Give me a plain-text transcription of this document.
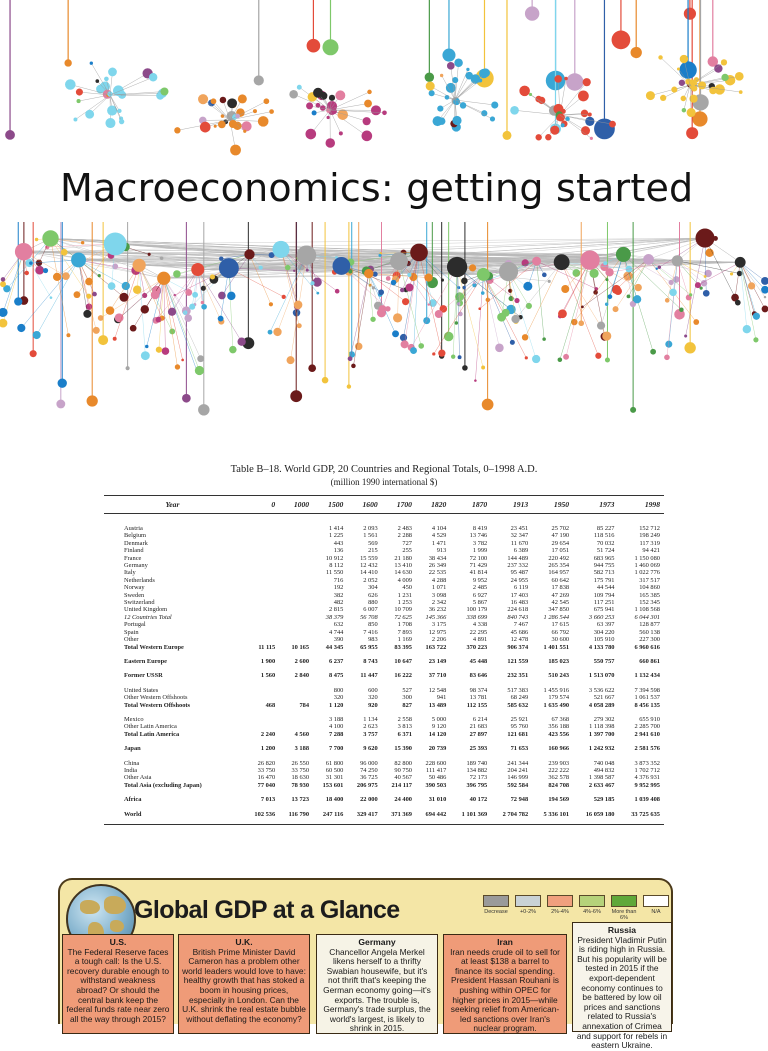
Macroeconomics: getting started
Table B–18. World GDP, 20 Countries and Regional Totals, 0–1998 A.D.
(million 1990 international $)
Year	0	1000	1500	1600	1700	1820	1870	1913	1950	1973	1998
Austria			1 414	2 093	2 483	4 104	8 419	23 451	25 702	85 227	152 712
Belgium			1 225	1 561	2 288	4 529	13 746	32 347	47 190	118 516	198 249
Denmark			443	569	727	1 471	3 782	11 670	29 654	70 032	117 319
Finland			136	215	255	913	1 999	6 389	17 051	51 724	94 421
France			10 912	15 559	21 180	38 434	72 100	144 489	220 492	683 965	1 150 080
Germany			8 112	12 432	13 410	26 349	71 429	237 332	265 354	944 755	1 460 069
Italy			11 550	14 410	14 630	22 535	41 814	95 487	164 957	582 713	1 022 776
Netherlands			716	2 052	4 009	4 288	9 952	24 955	60 642	175 791	317 517
Norway			192	304	450	1 071	2 485	6 119	17 838	44 544	104 860
Sweden			382	626	1 231	3 098	6 927	17 403	47 269	109 794	165 385
Switzerland			482	880	1 253	2 342	5 867	16 483	42 545	117 251	152 345
United Kingdom			2 815	6 007	10 709	36 232	100 179	224 618	347 850	675 941	1 108 568
12 Countries Total			38 379	56 708	72 625	145 366	338 699	840 743	1 286 544	3 660 253	6 044 301
Portugal			632	850	1 708	3 175	4 338	7 467	17 615	63 397	128 877
Spain			4 744	7 416	7 893	12 975	22 295	45 686	66 792	304 220	560 138
Other			390	983	1 169	2 206	4 891	12 478	30 600	105 910	227 300
Total Western Europe	11 115	10 165	44 345	65 955	83 395	163 722	370 223	906 374	1 401 551	4 133 780	6 960 616
Eastern Europe	1 900	2 600	6 237	8 743	10 647	23 149	45 448	121 559	185 023	550 757	660 861
Former USSR	1 560	2 840	8 475	11 447	16 222	37 710	83 646	232 351	510 243	1 513 070	1 132 434
United States			800	600	527	12 548	98 374	517 383	1 455 916	3 536 622	7 394 598
Other Western Offshoots			320	320	300	941	13 781	68 249	179 574	521 667	1 061 537
Total Western Offshoots	468	784	1 120	920	827	13 489	112 155	585 632	1 635 490	4 058 289	8 456 135
Mexico			3 188	1 134	2 558	5 000	6 214	25 921	67 368	279 302	655 910
Other Latin America			4 100	2 623	3 813	9 120	21 683	95 760	356 188	1 118 398	2 285 700
Total Latin America	2 240	4 560	7 288	3 757	6 371	14 120	27 897	121 681	423 556	1 397 700	2 941 610
Japan	1 200	3 188	7 700	9 620	15 390	20 739	25 393	71 653	160 966	1 242 932	2 581 576
China	26 820	26 550	61 800	96 000	82 800	228 600	189 740	241 344	239 903	740 048	3 873 352
India	33 750	33 750	60 500	74 250	90 750	111 417	134 882	204 241	222 222	494 832	1 702 712
Other Asia	16 470	18 630	31 301	36 725	40 567	50 486	72 173	146 999	362 578	1 398 587	4 376 931
Total Asia (excluding Japan)	77 040	78 930	153 601	206 975	214 117	390 503	396 795	592 584	824 708	2 633 467	9 952 995
Africa	7 013	13 723	18 400	22 000	24 400	31 010	40 172	72 948	194 569	529 185	1 039 408
World	102 536	116 790	247 116	329 417	371 369	694 442	1 101 369	2 704 782	5 336 101	16 059 180	33 725 635
Global GDP at a Glance	Decrease	+0-2%	2%-4%	4%-6%	More than 6%
N/A
U.S.
The Federal Reserve faces a tough call: Is the U.S. recovery durable enough to withstand weakness abroad? Or should the central bank keep the federal funds rate near zero all the way through 2015?
U.K.
British Prime Minister David Cameron has a problem other world leaders would love to have: healthy growth that has stoked a boom in housing prices, especially in London. Can the U.K. shrink the real estate bubble without deflating the economy?
Germany
Chancellor Angela Merkel likens herself to a thrifty Swabian housewife, but it's not thrift that's keeping the German economy going—it's exports. The trouble is, Germany's trade surplus, the world's largest, is likely to shrink in 2015.
Iran
Iran needs crude oil to sell for at least $138 a barrel to finance its social spending. President Hassan Rouhani is pushing within OPEC for higher prices in 2015—while seeking relief from American-led sanctions over Iran's nuclear program.
Russia
President Vladimir Putin is riding high in Russia. But his popularity will be tested in 2015 if the export-dependent economy continues to be battered by low oil prices and sanctions related to Russia's annexation of Crimea and support for rebels in eastern Ukraine.
